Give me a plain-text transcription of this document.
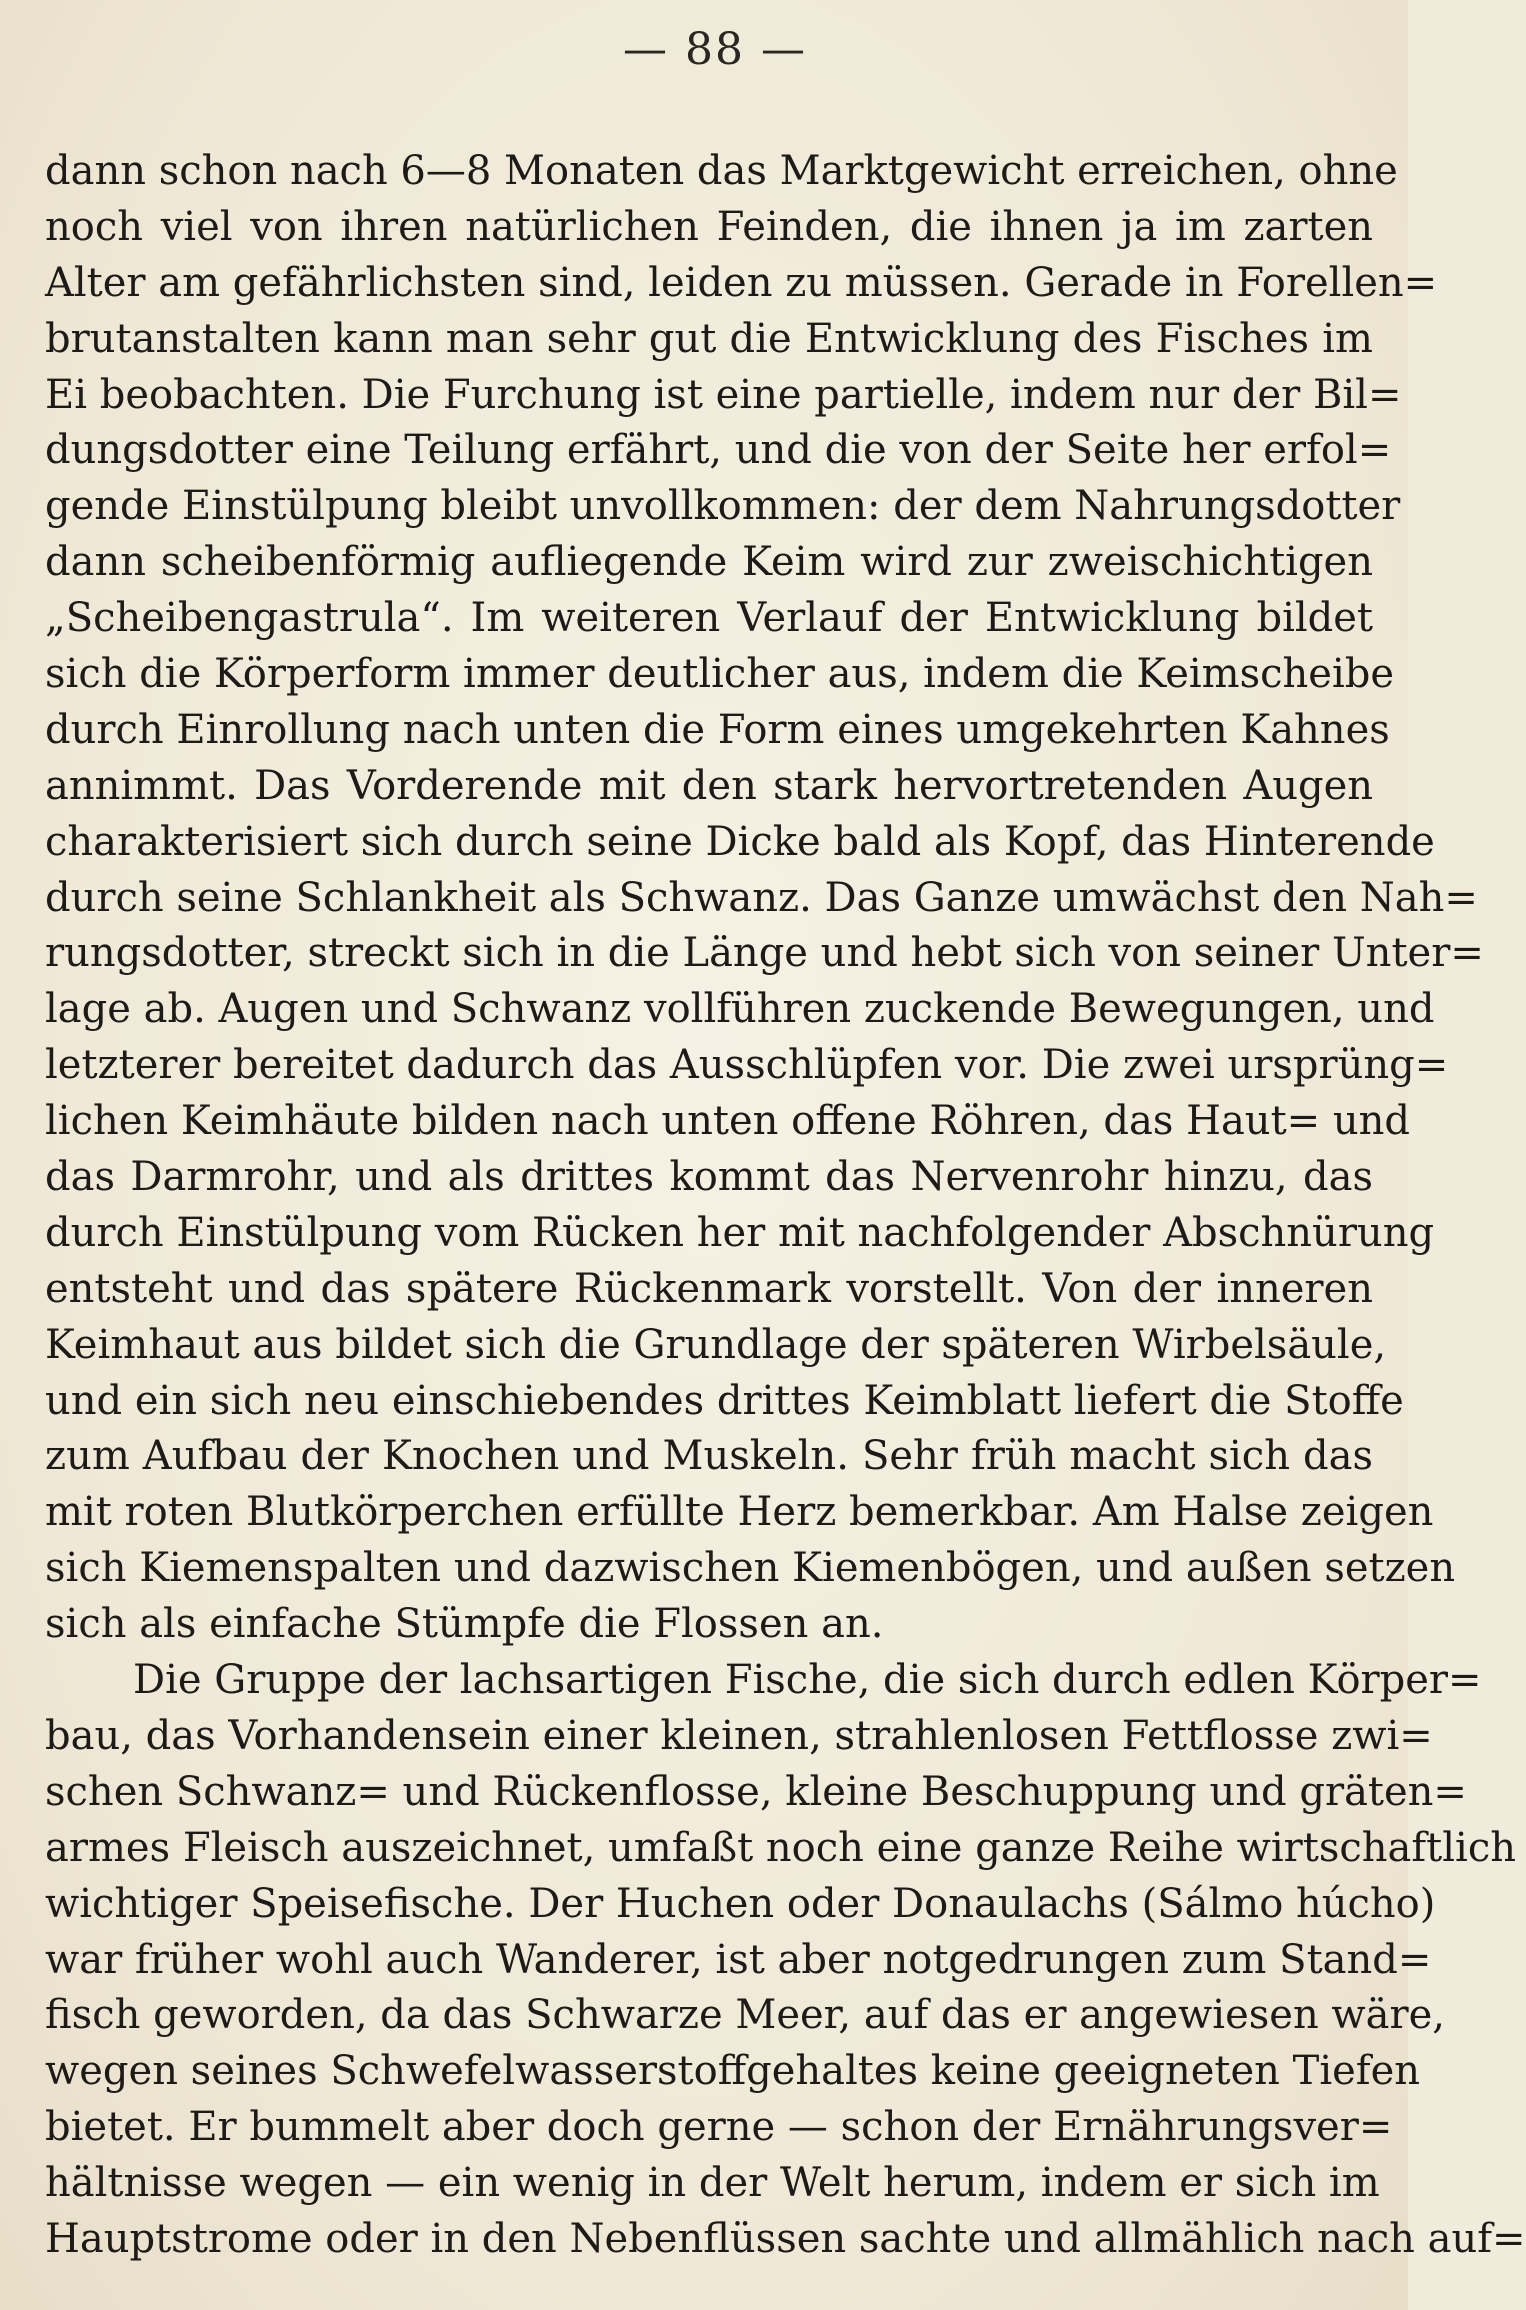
— 88 —
dann schon nach 6—8 Monaten das Marktgewicht erreichen, ohne
noch viel von ihren natürlichen Feinden, die ihnen ja im zarten
Alter am gefährlichsten sind, leiden zu müssen. Gerade in Forellen=
brutanstalten kann man sehr gut die Entwicklung des Fisches im
Ei beobachten. Die Furchung ist eine partielle, indem nur der Bil=
dungsdotter eine Teilung erfährt, und die von der Seite her erfol=
gende Einstülpung bleibt unvollkommen: der dem Nahrungsdotter
dann scheibenförmig aufliegende Keim wird zur zweischichtigen
„Scheibengastrula“. Im weiteren Verlauf der Entwicklung bildet
sich die Körperform immer deutlicher aus, indem die Keimscheibe
durch Einrollung nach unten die Form eines umgekehrten Kahnes
annimmt. Das Vorderende mit den stark hervortretenden Augen
charakterisiert sich durch seine Dicke bald als Kopf, das Hinterende
durch seine Schlankheit als Schwanz. Das Ganze umwächst den Nah=
rungsdotter, streckt sich in die Länge und hebt sich von seiner Unter=
lage ab. Augen und Schwanz vollführen zuckende Bewegungen, und
letzterer bereitet dadurch das Ausschlüpfen vor. Die zwei ursprüng=
lichen Keimhäute bilden nach unten offene Röhren, das Haut= und
das Darmrohr, und als drittes kommt das Nervenrohr hinzu, das
durch Einstülpung vom Rücken her mit nachfolgender Abschnürung
entsteht und das spätere Rückenmark vorstellt. Von der inneren
Keimhaut aus bildet sich die Grundlage der späteren Wirbelsäule,
und ein sich neu einschiebendes drittes Keimblatt liefert die Stoffe
zum Aufbau der Knochen und Muskeln. Sehr früh macht sich das
mit roten Blutkörperchen erfüllte Herz bemerkbar. Am Halse zeigen
sich Kiemenspalten und dazwischen Kiemenbögen, und außen setzen
sich als einfache Stümpfe die Flossen an.
Die Gruppe der lachsartigen Fische, die sich durch edlen Körper=
bau, das Vorhandensein einer kleinen, strahlenlosen Fettflosse zwi=
schen Schwanz= und Rückenflosse, kleine Beschuppung und gräten=
armes Fleisch auszeichnet, umfaßt noch eine ganze Reihe wirtschaftlich
wichtiger Speisefische. Der Huchen oder Donaulachs (Sálmo húcho)
war früher wohl auch Wanderer, ist aber notgedrungen zum Stand=
fisch geworden, da das Schwarze Meer, auf das er angewiesen wäre,
wegen seines Schwefelwasserstoffgehaltes keine geeigneten Tiefen
bietet. Er bummelt aber doch gerne — schon der Ernährungsver=
hältnisse wegen — ein wenig in der Welt herum, indem er sich im
Hauptstrome oder in den Nebenflüssen sachte und allmählich nach auf=
